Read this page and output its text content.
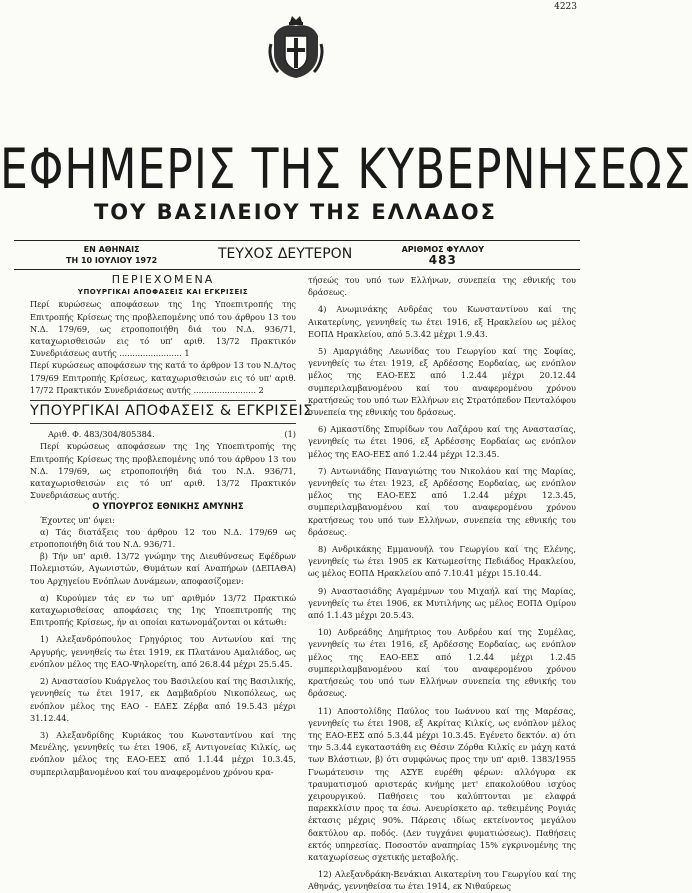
4223
ΕΦΗΜΕΡΙΣ ΤΗΣ ΚΥΒΕΡΝΗΣΕΩΣ
ΤΟΥ ΒΑΣΙΛΕΙΟΥ ΤΗΣ ΕΛΛΑΔΟΣ
ΕΝ ΑΘΗΝΑΙΣ
ΤΗ 10 ΙΟΥΛΙΟΥ 1972	ΤΕΥΧΟΣ ΔΕΥΤΕΡΟΝ	ΑΡΙΘΜΟΣ ΦΥΛΛΟΥ
483

ΠΕΡΙΕΧΟΜΕΝΑ

ΥΠΟΥΡΓΙΚΑΙ ΑΠΟΦΑΣΕΙΣ ΚΑΙ ΕΓΚΡΙΣΕΙΣ

Περί κυρώσεως αποφάσεων της 1ης Υποεπιτροπής της Επιτροπής Κρίσεως της προβλεπομένης υπό του άρθρου 13 του Ν.Δ. 179/69, ως ετροποποιήθη διά του Ν.Δ. 936/71, καταχωρισθεισών εις τό υπ' αριθ. 13/72 Πρακτικόν Συνεδριάσεως αυτής ........................ 1

Περί κυρώσεως αποφάσεων της κατά το άρθρον 13 του Ν.Δ/τος 179/69 Επιτροπής Κρίσεως, καταχωρισθεισών εις τό υπ' αριθ. 17/72 Πρακτικόν Συνεδριάσεως αυτής ........................ 2

ΥΠΟΥΡΓΙΚΑΙ ΑΠΟΦΑΣΕΙΣ & ΕΓΚΡΙΣΕΙΣ

Αριθ. Φ. 483/304/805384.	(1)

Περί κυρώσεως αποφάσεων της 1ης Υποεπιτροπής της Επιτροπής Κρίσεως της προβλεπομένης υπό του άρθρου 13 του Ν.Δ. 179/69, ως ετροποποιήθη διά του Ν.Δ. 936/71, καταχωρισθεισών εις τό υπ' αριθ. 13/72 Πρακτικόν Συνεδριάσεως αυτής.

Ο ΥΠΟΥΡΓΟΣ ΕΘΝΙΚΗΣ ΑΜΥΝΗΣ

Έχοντες υπ' όψει:

α) Τάς διατάξεις του άρθρου 12 του Ν.Δ. 179/69 ως ετροποποιήθη διά του Ν.Δ. 936/71.

β) Τήν υπ' αριθ. 13/72 γνώμην της Διευθύνσεως Εφέδρων Πολεμιστών, Αγωνιστών, Θυμάτων καί Αναπήρων (ΔΕΠΑΘΑ) του Αρχηγείου Ενόπλων Δυνάμεων, αποφασίζομεν:

α) Κυρούμεν τάς εν τω υπ' αριθμόν 13/72 Πρακτικώ καταχωρισθείσας αποφάσεις της 1ης Υποεπιτροπής της Επιτροπής Κρίσεως, ήν αι οποίαι κατωνομάζονται οι κάτωθι:

1) Αλεξανδρόπουλος Γρηγόριος του Αντωνίου καί της Αργυρής, γεννηθείς τω έτει 1919, εκ Πλατάνου Αμαλιάδος, ως ενόπλον μέλος της ΕΑΟ-Ψηλορείτη, από 26.8.44 μέχρι 25.5.45.

2) Αναστασίου Κυάργελος του Βασιλείου καί της Βασιλικής, γεννηθείς τω έτει 1917, εκ Δαμβαδρίου Νικοπόλεως, ως ενόπλον μέλος της ΕΑΟ - ΕΔΕΣ Ζέρβα από 19.5.43 μέχρι 31.12.44.

3) Αλεξανδρίδης Κυριάκος του Κωνσταντίνου καί της Μενέλης, γεννηθείς τω έτει 1906, εξ Αντιγονείας Κιλκίς, ως ενόπλον μέλος της ΕΑΟ-ΕΕΣ από 1.1.44 μέχρι 10.3.45, συμπεριλαμβανομένου καί του αναφερομένου χρόνου κρα-

τήσεώς του υπό των Ελλήνων, συνεπεία της εθνικής του δράσεως.

4) Ανωμινάκης Ανδρέας του Κωνσταντίνου καί της Αικατερίνης, γεννηθείς τω έτει 1916, εξ Ηρακλείου ως μέλος ΕΟΠΔ Ηρακλείου, από 5.3.42 μέχρι 1.9.43.

5) Αμαργιάδης Λεωνίδας του Γεωργίου καί της Σοφίας, γεννηθείς τω έτει 1919, εξ Αρδέσσης Εορδαίας, ως ενόπλον μέλος της ΕΑΟ-ΕΕΣ από 1.2.44 μέχρι 20.12.44 συμπεριλαμβανομένου καί του αναφερομένου χρόνου κρατήσεώς του υπό των Ελλήνων εις Στρατόπεδον Πενταλόφου συνεπεία της εθνικής του δράσεως.

6) Αμκαστίδης Σπυρίδων του Λαζάρου καί της Αναστασίας, γεννηθείς τω έτει 1906, εξ Αρδέσσης Εορδαίας ως ενόπλον μέλος της ΕΑΟ-ΕΕΣ από 1.2.44 μέχρι 12.3.45.

7) Αντωνιάδης Παναγιώτης του Νικολάου καί της Μαρίας, γεννηθείς τω έτει 1923, εξ Αρδέσσης Εορδαίας, ως ενόπλον μέλος της ΕΑΟ-ΕΕΣ από 1.2.44 μέχρι 12.3.45, συμπεριλαμβανομένου καί του αναφερομένου χρόνου κρατήσεως του υπό των Ελλήνων, συνεπεία της εθνικής του δράσεως.

8) Ανδρικάκης Εμμανουήλ του Γεωργίου καί της Ελένης, γεννηθείς τω έτει 1905 εκ Κατωμεσίτης Πεδιάδος Ηρακλείου, ως μέλος ΕΟΠΔ Ηρακλείου από 7.10.41 μέχρι 15.10.44.

9) Αναστασιάδης Αγαμέμνων του Μιχαήλ καί της Μαρίας, γεννηθείς τω έτει 1906, εκ Μυτιλήνης ως μέλος ΕΟΠΔ Ομίρου από 1.1.43 μέχρι 20.5.43.

10) Ανδρεάδης Δημήτριος του Ανδρέου καί της Συμέλας, γεννηθείς τω έτει 1916, εξ Αρδέσσης Εορδαίας, ως ενόπλον μέλος της ΕΑΟ-ΕΕΣ από 1.2.44 μέχρι 1.2.45 συμπεριλαμβανομένου καί του αναφερομένου χρόνου κρατήσεώς του υπό των Ελλήνων συνεπεία της εθνικής του δράσεως.

11) Αποστολίδης Παύλος του Ιωάννου καί της Μαρέσας, γεννηθείς τω έτει 1908, εξ Ακρίτας Κιλκίς, ως ενόπλον μέλος της ΕΑΟ-ΕΕΣ από 5.3.44 μέχρι 10.3.45. Εγένετο δεκτόν. α) ότι την 5.3.44 εγκαταστάθη εις Θέσιν Ζόρθα Κιλκίς εν μάχη κατά των Βλάστιων, β) ότι συμφώνως προς την υπ' αριθ. 1383/1955 Γνωμάτευσιν της ΑΣΥΕ ευρέθη φέρων: αλλόγυρα εκ τραυματισμού αριστεράς κνήμης μετ' επακολούθου ισχύος χειρουργικού. Παθήσεις του καλύπτονται με ελαφρά παρεκκλίσιν προς τα έσω. Ανευρίσκετο αρ. τεθειμένης Ρογιάς έκτασις μέχρις 90%. Πάρεσις ιδίως εκτείνοντος μεγάλου δακτύλου αρ. ποδός. (Δεν τυγχάνει φυματιώσεως). Παθήσεις εκτός υπηρεσίας. Ποσοστόν αναπηρίας 15% εγκρινομένης της καταχωρίσεως σχετικής μεταβολής.

12) Αλεξανδράκη-Βενάκιαι Αικατερίνη του Γεωργίου καί της Αθηνάς, γεννηθείσα τω έτει 1914, εκ Νιθαύρεως
